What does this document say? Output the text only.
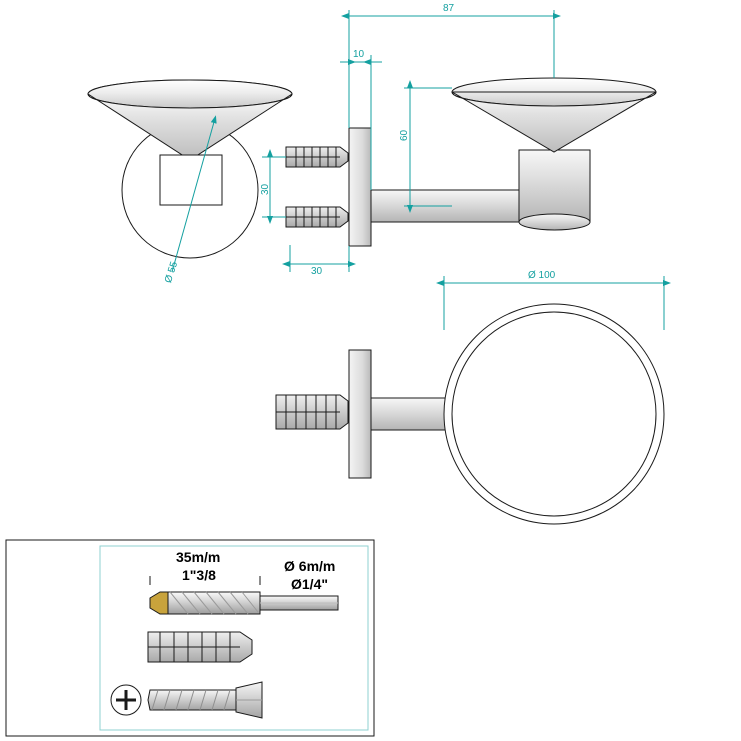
87
10
60
30
30
Ø 55	Ø 100
35m/m
1"3/8
Ø 6m/m
Ø1/4"
